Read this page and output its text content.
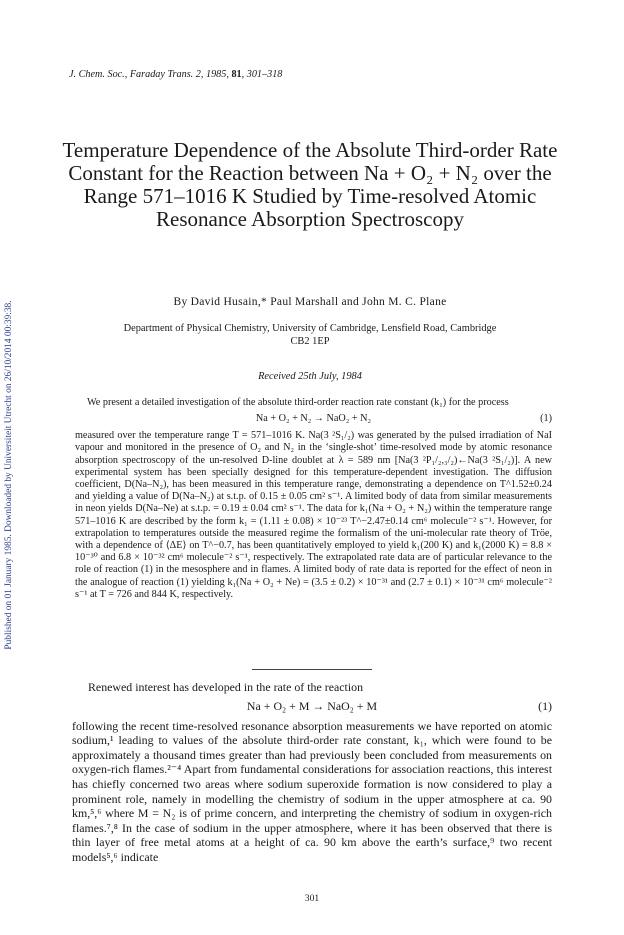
Published on 01 January 1985. Downloaded by Universiteit Utrecht on 26/10/2014 00:39:38.
J. Chem. Soc., Faraday Trans. 2, 1985, 81, 301–318
Temperature Dependence of the Absolute Third-order Rate
Constant for the Reaction between Na + O₂ + N₂ over the
Range 571–1016 K Studied by Time-resolved Atomic
Resonance Absorption Spectroscopy
By David Husain,* Paul Marshall and John M. C. Plane
Department of Physical Chemistry, University of Cambridge, Lensfield Road, Cambridge
CB2 1EP
Received 25th July, 1984

We present a detailed investigation of the absolute third-order reaction rate constant (k₁) for the process

Na + O₂ + N₂ → NaO₂ + N₂	(1)

measured over the temperature range T = 571–1016 K. Na(3 ²S₁/₂) was generated by the pulsed irradiation of NaI vapour and monitored in the presence of O₂ and N₂ in the ‘single-shot’ time-resolved mode by atomic resonance absorption spectroscopy of the un-resolved D-line doublet at λ = 589 nm [Na(3 ²P₁/₂,₃/₂)←Na(3 ²S₁/₂)]. A new experimental system has been specially designed for this temperature-dependent investigation. The diffusion coefficient, D(Na–N₂), has been measured in this temperature range, demonstrating a dependence on T^1.52±0.24 and yielding a value of D(Na–N₂) at s.t.p. of 0.15 ± 0.05 cm² s⁻¹. A limited body of data from similar measurements in neon yields D(Na–Ne) at s.t.p. = 0.19 ± 0.04 cm² s⁻¹. The data for k₁(Na + O₂ + N₂) within the temperature range 571–1016 K are described by the form k₁ = (1.11 ± 0.08) × 10⁻²³ T^−2.47±0.14 cm⁶ molecule⁻² s⁻¹. However, for extrapolation to temperatures outside the measured regime the formalism of the uni-molecular rate theory of Tröe, with a dependence of ⟨ΔE⟩ on T^−0.7, has been quantitatively employed to yield k₁(200 K) and k₁(2000 K) = 8.8 × 10⁻³⁰ and 6.8 × 10⁻³² cm⁶ molecule⁻² s⁻¹, respectively. The extrapolated rate data are of particular relevance to the role of reaction (1) in the mesosphere and in flames. A limited body of rate data is reported for the effect of neon in the analogue of reaction (1) yielding k₁(Na + O₂ + Ne) = (3.5 ± 0.2) × 10⁻³¹ and (2.7 ± 0.1) × 10⁻³¹ cm⁶ molecule⁻² s⁻¹ at T = 726 and 844 K, respectively.

Renewed interest has developed in the rate of the reaction

Na + O₂ + M → NaO₂ + M	(1)

following the recent time-resolved resonance absorption measurements we have reported on atomic sodium,¹ leading to values of the absolute third-order rate constant, k₁, which were found to be approximately a thousand times greater than had previously been concluded from measurements on oxygen-rich flames.²⁻⁴ Apart from fundamental considerations for association reactions, this interest has chiefly concerned two areas where sodium superoxide formation is now considered to play a prominent role, namely in modelling the chemistry of sodium in the upper atmosphere at ca. 90 km,⁵,⁶ where M = N₂ is of prime concern, and interpreting the chemistry of sodium in oxygen-rich flames.⁷,⁸ In the case of sodium in the upper atmosphere, where it has been observed that there is thin layer of free metal atoms at a height of ca. 90 km above the earth’s surface,⁹ two recent models⁵,⁶ indicate

301
